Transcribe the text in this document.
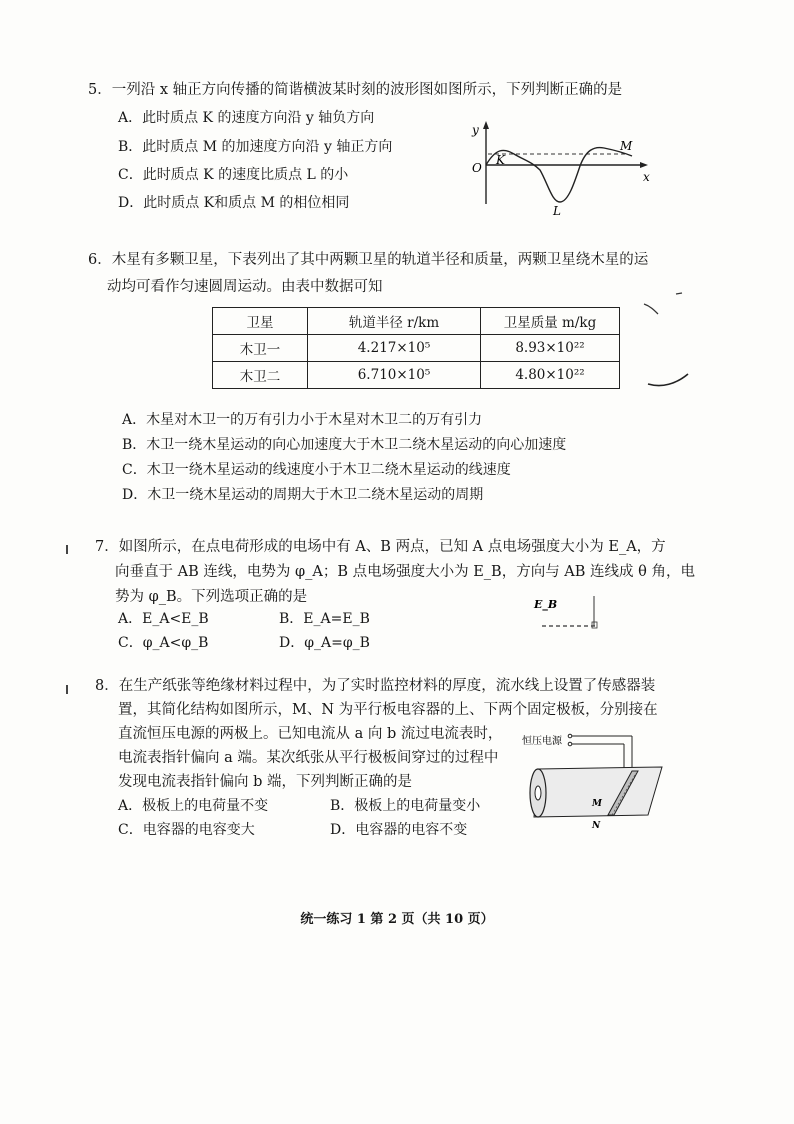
5．一列沿 x 轴正方向传播的简谐横波某时刻的波形图如图所示，下列判断正确的是
A．此时质点 K 的速度方向沿 y 轴负方向
B．此时质点 M 的加速度方向沿 y 轴正方向
C．此时质点 K 的速度比质点 L 的小
D．此时质点 K和质点 M 的相位相同
y
x
O
K
L
M
6．木星有多颗卫星，下表列出了其中两颗卫星的轨道半径和质量，两颗卫星绕木星的运
动均可看作匀速圆周运动。由表中数据可知
卫星	轨道半径 r/km	卫星质量 m/kg
木卫一	4.217×10⁵	8.93×10²²
木卫二	6.710×10⁵	4.80×10²²
A．木星对木卫一的万有引力小于木星对木卫二的万有引力
B．木卫一绕木星运动的向心加速度大于木卫二绕木星运动的向心加速度
C．木卫一绕木星运动的线速度小于木卫二绕木星运动的线速度
D．木卫一绕木星运动的周期大于木卫二绕木星运动的周期
7．如图所示，在点电荷形成的电场中有 A、B 两点，已知 A 点电场强度大小为 E_A，方
向垂直于 AB 连线，电势为 φ_A；B 点电场强度大小为 E_B，方向与 AB 连线成 θ 角，电
势为 φ_B。下列选项正确的是
A．E_A<E_B	B．E_A=E_B
C．φ_A<φ_B	D．φ_A=φ_B
E_B
8．在生产纸张等绝缘材料过程中，为了实时监控材料的厚度，流水线上设置了传感器装
置，其简化结构如图所示，M、N 为平行板电容器的上、下两个固定极板，分别接在
直流恒压电源的两极上。已知电流从 a 向 b 流过电流表时，
电流表指针偏向 a 端。某次纸张从平行极板间穿过的过程中
发现电流表指针偏向 b 端，下列判断正确的是
A．极板上的电荷量不变	B．极板上的电荷量变小
C．电容器的电容变大	D．电容器的电容不变
恒压电源
M
N
统一练习 1 第 2 页（共 10 页）
